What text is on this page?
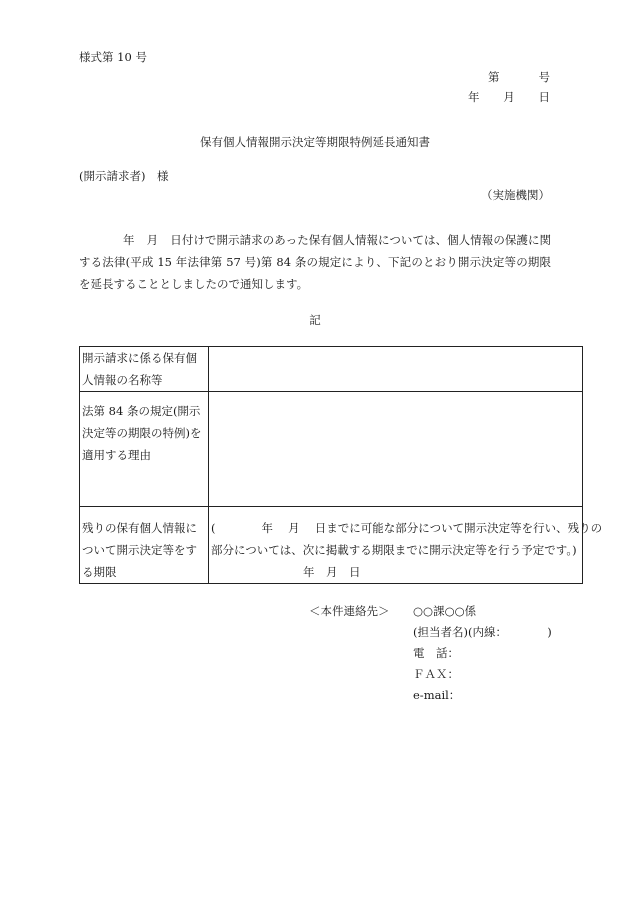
様式第 10 号
第	号
年 月 日
保有個人情報開示決定等期限特例延長通知書
(開示請求者)　様
（実施機関）
年 月 日付けで開示請求のあった保有個人情報については、個人情報の保護に関する法律(平成 15 年法律第 57 号)第 84 条の規定により、下記のとおり開示決定等の期限を延長することとしましたので通知します。
記
開示請求に係る保有個人情報の名称等	

法第 84 条の規定(開示決定等の期限の特例)を適用する理由	

残りの保有個人情報について開示決定等をする期限	(　　　　年　 月　 日までに可能な部分について開示決定等を行い、残りの
部分については、次に掲載する期限までに開示決定等を行う予定です。)
　　　　　　　　年　月　日
＜本件連絡先＞	○○課○○係
(担当者名)(内線：　　　　)
電　話：
ＦＡＸ：
e-mail：
